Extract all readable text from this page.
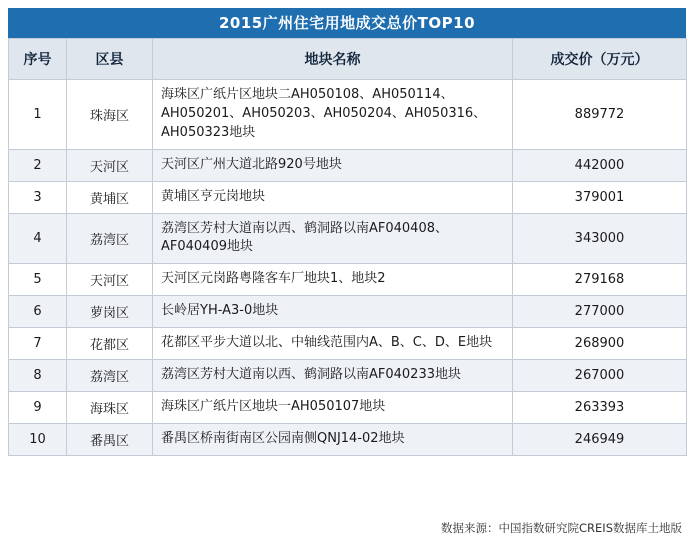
2015广州住宅用地成交总价TOP10
序号	区县	地块名称	成交价（万元）
1	珠海区	海珠区广纸片区地块二AH050108、AH050114、AH050201、AH050203、AH050204、AH050316、AH050323地块	889772
2	天河区	天河区广州大道北路920号地块	442000
3	黄埔区	黄埔区亨元岗地块	379001
4	荔湾区	荔湾区芳村大道南以西、鹤洞路以南AF040408、AF040409地块	343000
5	天河区	天河区元岗路粤隆客车厂地块1、地块2	279168
6	萝岗区	长岭居YH-A3-0地块	277000
7	花都区	花都区平步大道以北、中轴线范围内A、B、C、D、E地块	268900
8	荔湾区	荔湾区芳村大道南以西、鹤洞路以南AF040233地块	267000
9	海珠区	海珠区广纸片区地块一AH050107地块	263393
10	番禺区	番禺区桥南街南区公园南侧QNJ14-02地块	246949
数据来源：中国指数研究院CREIS数据库土地版
